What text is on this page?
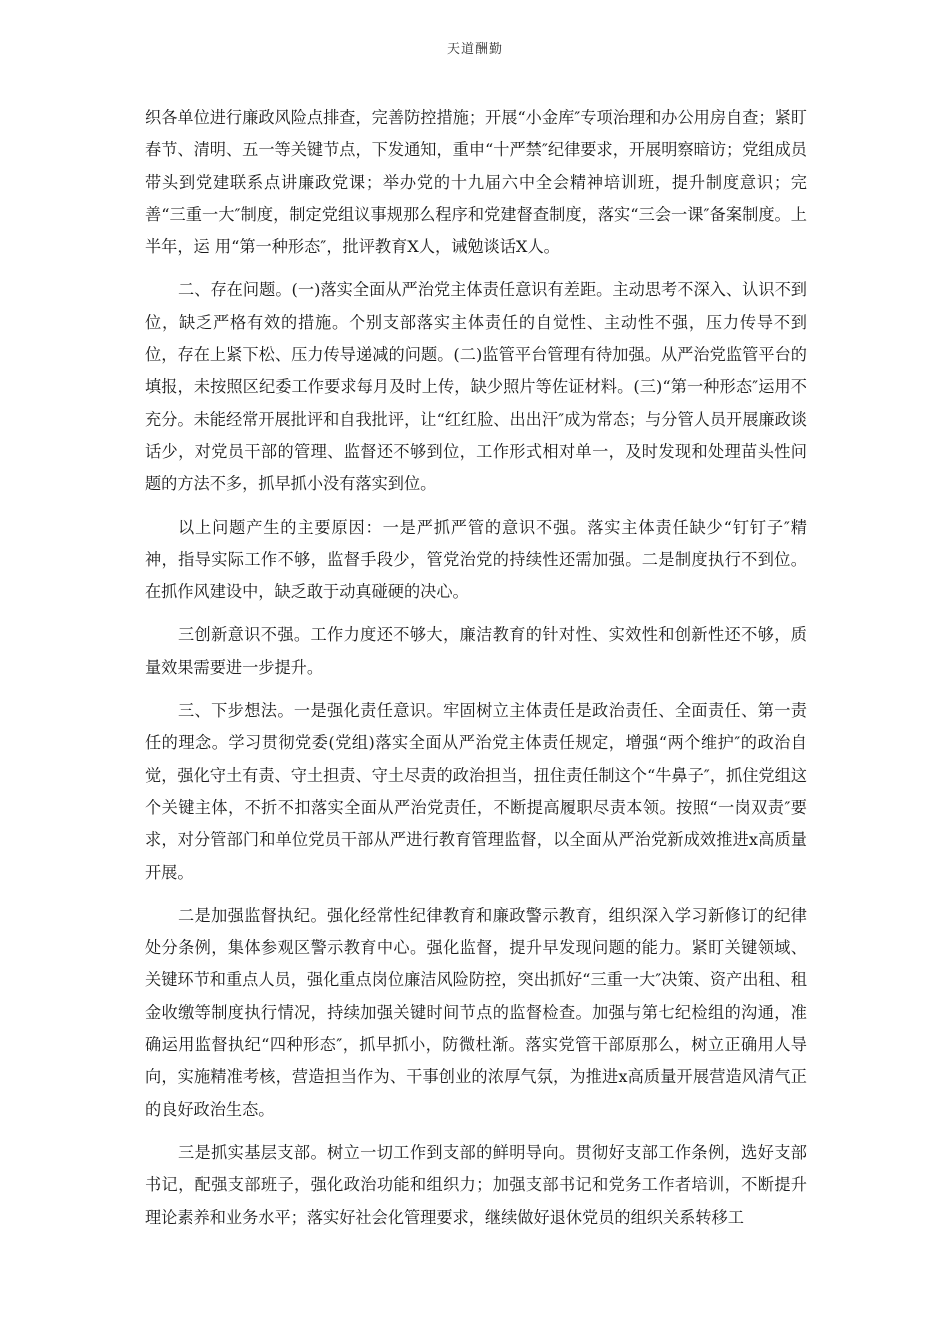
天道酬勤

织各单位进行廉政风险点排查，完善防控措施；开展“小金库″专项治理和办公用房自查；紧盯春节、清明、五一等关键节点，下发通知，重申“十严禁″纪律要求，开展明察暗访；党组成员带头到党建联系点讲廉政党课；举办党的十九届六中全会精神培训班，提升制度意识；完善“三重一大″制度，制定党组议事规那么程序和党建督查制度，落实“三会一课″备案制度。上半年，运 用“第一种形态″，批评教育X人，诫勉谈话X人。

二、存在问题。(一)落实全面从严治党主体责任意识有差距。主动思考不深入、认识不到位，缺乏严格有效的措施。个别支部落实主体责任的自觉性、主动性不强，压力传导不到位，存在上紧下松、压力传导递减的问题。(二)监管平台管理有待加强。从严治党监管平台的填报，未按照区纪委工作要求每月及时上传，缺少照片等佐证材料。(三)“第一种形态″运用不充分。未能经常开展批评和自我批评，让“红红脸、出出汗″成为常态；与分管人员开展廉政谈话少，对党员干部的管理、监督还不够到位，工作形式相对单一，及时发现和处理苗头性问题的方法不多，抓早抓小没有落实到位。

以上问题产生的主要原因：一是严抓严管的意识不强。落实主体责任缺少“钉钉子″精神，指导实际工作不够，监督手段少，管党治党的持续性还需加强。二是制度执行不到位。在抓作风建设中，缺乏敢于动真碰硬的决心。

三创新意识不强。工作力度还不够大，廉洁教育的针对性、实效性和创新性还不够，质量效果需要进一步提升。

三、下步想法。一是强化责任意识。牢固树立主体责任是政治责任、全面责任、第一责任的理念。学习贯彻党委(党组)落实全面从严治党主体责任规定，增强“两个维护″的政治自觉，强化守土有责、守土担责、守土尽责的政治担当，扭住责任制这个“牛鼻子″，抓住党组这个关键主体，不折不扣落实全面从严治党责任，不断提高履职尽责本领。按照“一岗双责″要求，对分管部门和单位党员干部从严进行教育管理监督，以全面从严治党新成效推进x高质量开展。

二是加强监督执纪。强化经常性纪律教育和廉政警示教育，组织深入学习新修订的纪律处分条例，集体参观区警示教育中心。强化监督，提升早发现问题的能力。紧盯关键领域、关键环节和重点人员，强化重点岗位廉洁风险防控，突出抓好“三重一大″决策、资产出租、租金收缴等制度执行情况，持续加强关键时间节点的监督检查。加强与第七纪检组的沟通，准确运用监督执纪“四种形态″，抓早抓小，防微杜渐。落实党管干部原那么，树立正确用人导向，实施精准考核，营造担当作为、干事创业的浓厚气氛，为推进x高质量开展营造风清气正的良好政治生态。

三是抓实基层支部。树立一切工作到支部的鲜明导向。贯彻好支部工作条例，选好支部书记，配强支部班子，强化政治功能和组织力；加强支部书记和党务工作者培训，不断提升理论素养和业务水平；落实好社会化管理要求，继续做好退休党员的组织关系转移工
